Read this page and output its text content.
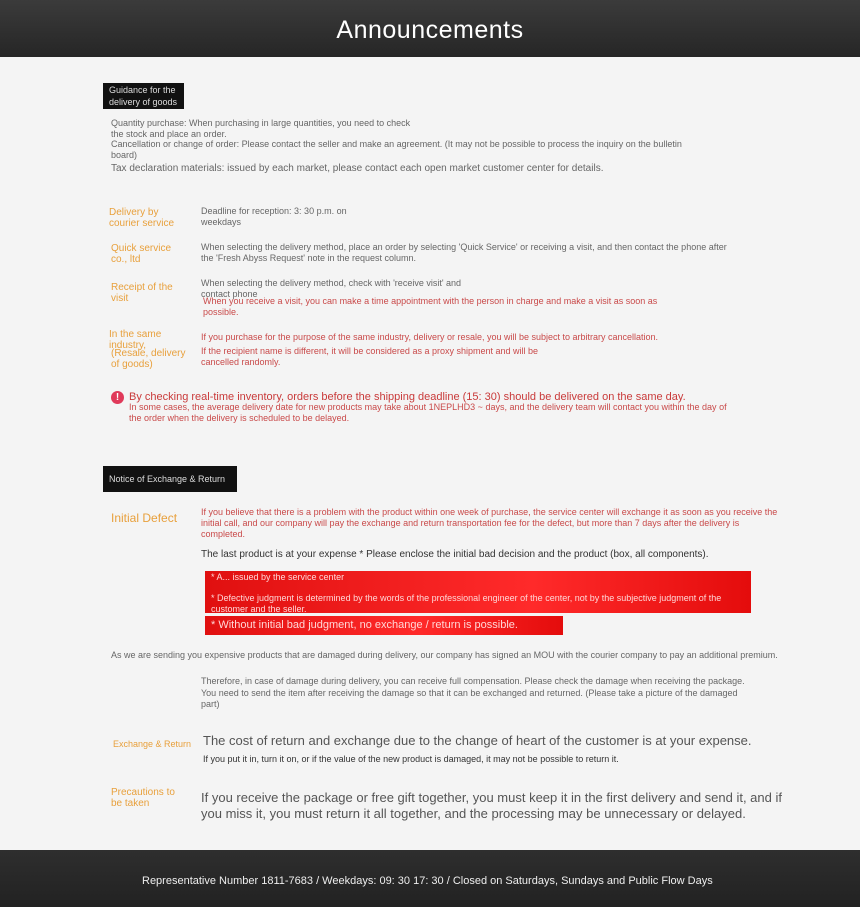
Announcements
Guidance for the delivery of goods

Quantity purchase: When purchasing in large quantities, you need to check the stock and place an order.

Cancellation or change of order: Please contact the seller and make an agreement. (It may not be possible to process the inquiry on the bulletin board)

Tax declaration materials: issued by each market, please contact each open market customer center for details.

Delivery by courier service

Deadline for reception: 3: 30 p.m. on weekdays

Quick service co., ltd

When selecting the delivery method, place an order by selecting 'Quick Service' or receiving a visit, and then contact the phone after the 'Fresh Abyss Request' note in the request column.

Receipt of the visit

When selecting the delivery method, check with 'receive visit' and contact phone

When you receive a visit, you can make a time appointment with the person in charge and make a visit as soon as possible.

In the same industry,

(Resale, delivery of goods)

If you purchase for the purpose of the same industry, delivery or resale, you will be subject to arbitrary cancellation.

If the recipient name is different, it will be considered as a proxy shipment and will be cancelled randomly.

! By checking real-time inventory, orders before the shipping deadline (15: 30) should be delivered on the same day.

In some cases, the average delivery date for new products may take about 1NEPLHD3 ~ days, and the delivery team will contact you within the day of the order when the delivery is scheduled to be delayed.

Notice of Exchange & Return

Initial Defect	If you believe that there is a problem with the product within one week of purchase, the service center will exchange it as soon as you receive the initial call, and our company will pay the exchange and return transportation fee for the defect, but more than 7 days after the delivery is completed.

The last product is at your expense * Please enclose the initial bad decision and the product (box, all components).

* A... issued by the service center
* Defective judgment is determined by the words of the professional engineer of the center, not by the subjective judgment of the customer and the seller.
* Without initial bad judgment, no exchange / return is possible.

As we are sending you expensive products that are damaged during delivery, our company has signed an MOU with the courier company to pay an additional premium.

Therefore, in case of damage during delivery, you can receive full compensation. Please check the damage when receiving the package.

You need to send the item after receiving the damage so that it can be exchanged and returned. (Please take a picture of the damaged part)

Exchange & Return The cost of return and exchange due to the change of heart of the customer is at your expense.

If you put it in, turn it on, or if the value of the new product is damaged, it may not be possible to return it.

Precautions to be taken	If you receive the package or free gift together, you must keep it in the first delivery and send it, and if you miss it, you must return it all together, and the processing may be unnecessary or delayed.

Representative Number 1811-7683 / Weekdays: 09: 30 17: 30 / Closed on Saturdays, Sundays and Public Flow Days
